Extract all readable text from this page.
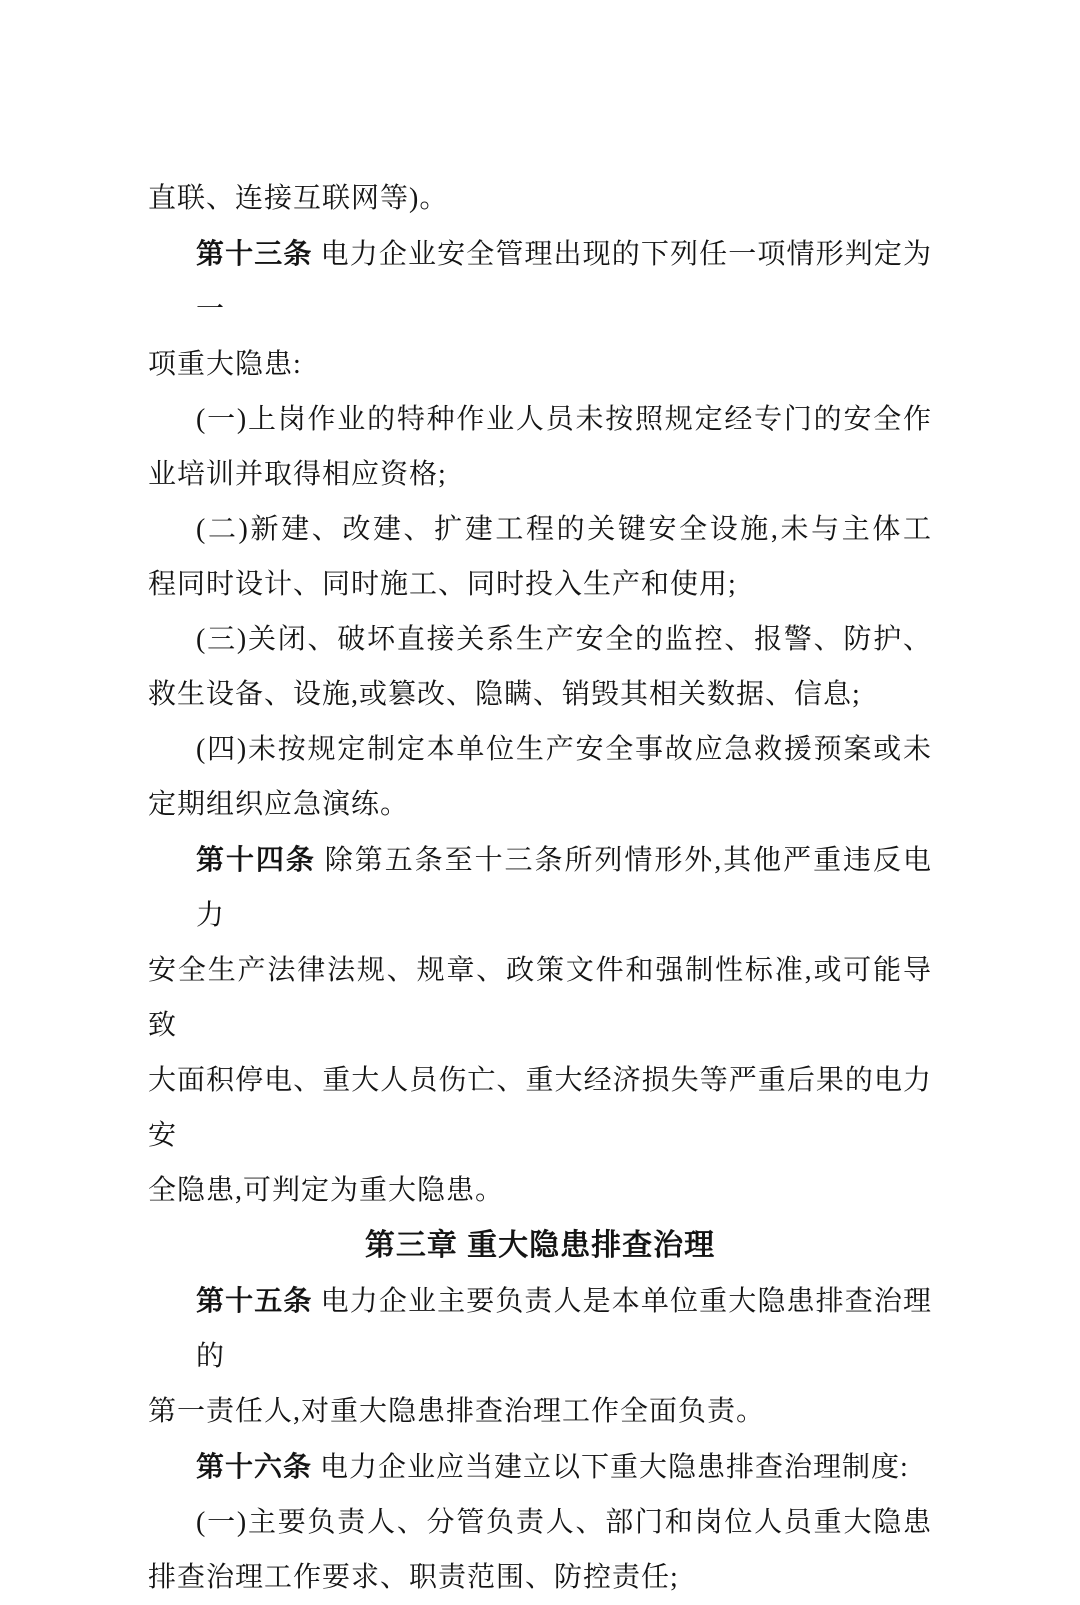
直联、连接互联网等)。
第十三条 电力企业安全管理出现的下列任一项情形判定为一
项重大隐患:
(一)上岗作业的特种作业人员未按照规定经专门的安全作
业培训并取得相应资格;
(二)新建、改建、扩建工程的关键安全设施,未与主体工
程同时设计、同时施工、同时投入生产和使用;
(三)关闭、破坏直接关系生产安全的监控、报警、防护、
救生设备、设施,或篡改、隐瞒、销毁其相关数据、信息;
(四)未按规定制定本单位生产安全事故应急救援预案或未
定期组织应急演练。
第十四条 除第五条至十三条所列情形外,其他严重违反电力
安全生产法律法规、规章、政策文件和强制性标准,或可能导致
大面积停电、重大人员伤亡、重大经济损失等严重后果的电力安
全隐患,可判定为重大隐患。
第三章 重大隐患排查治理
第十五条 电力企业主要负责人是本单位重大隐患排查治理的
第一责任人,对重大隐患排查治理工作全面负责。
第十六条 电力企业应当建立以下重大隐患排查治理制度:
(一)主要负责人、分管负责人、部门和岗位人员重大隐患
排查治理工作要求、职责范围、防控责任;
